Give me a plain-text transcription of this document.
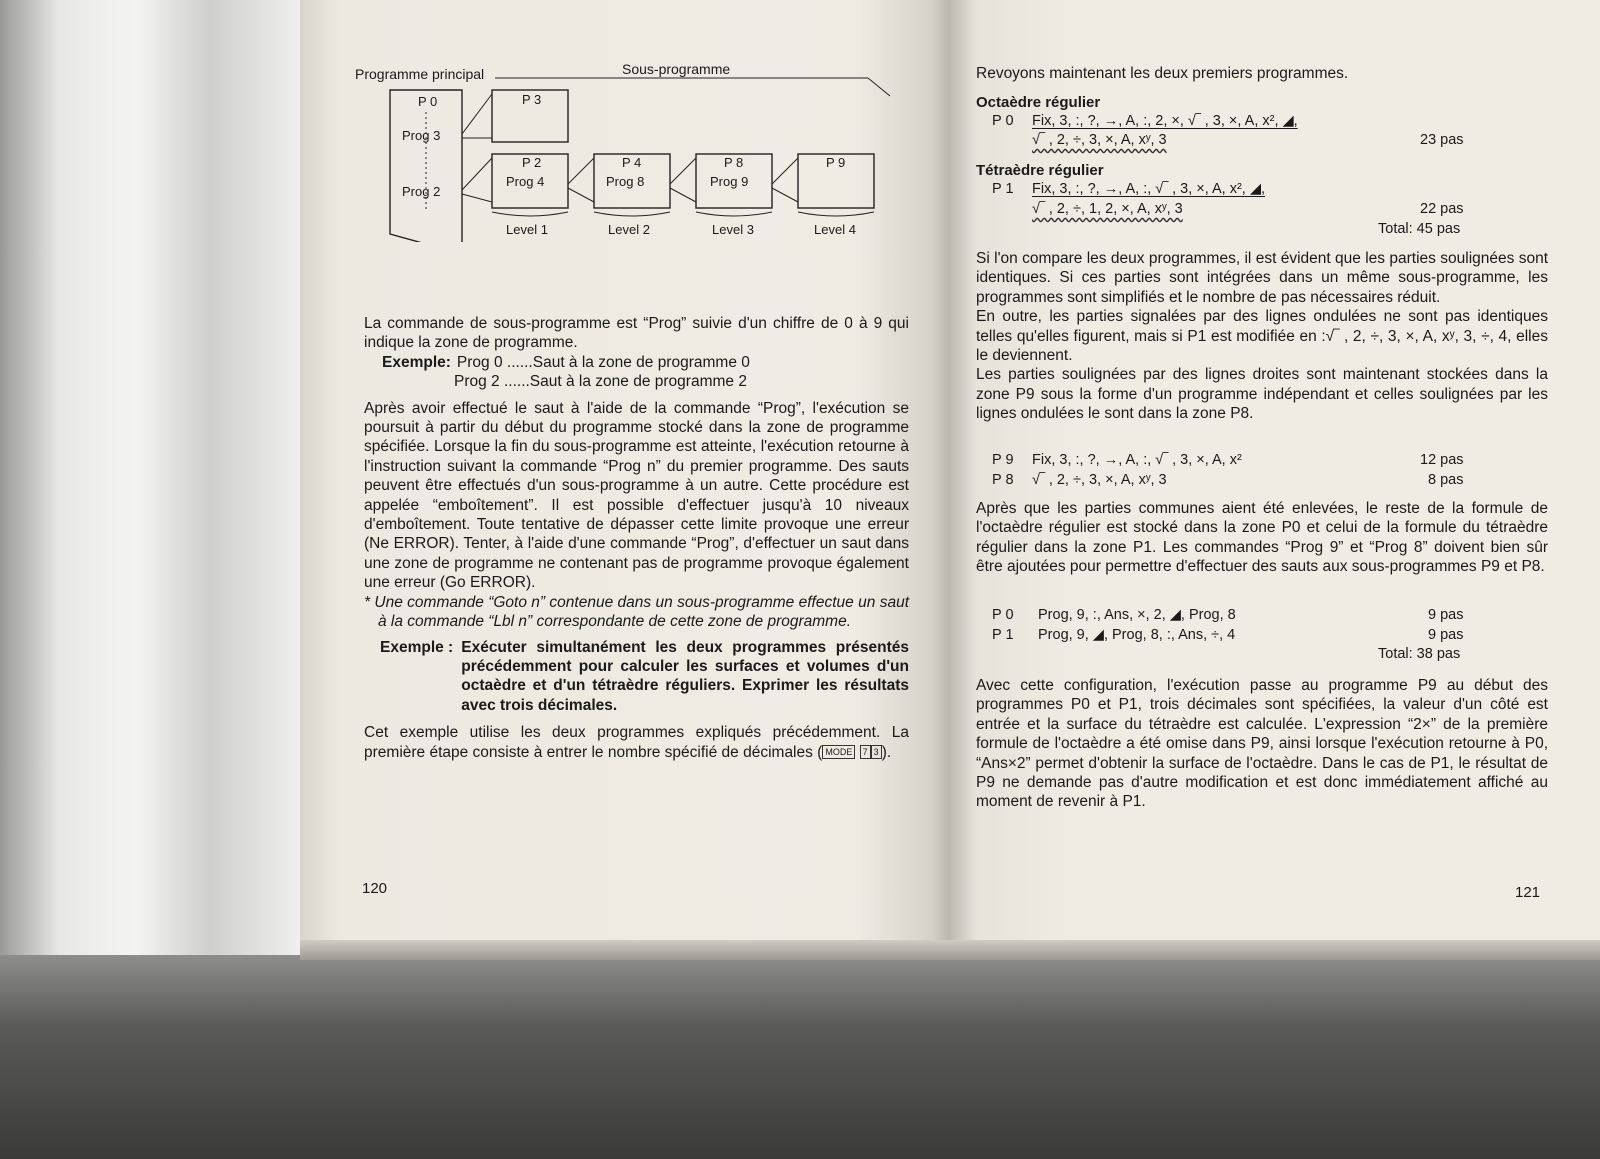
Programme principal	Sous-programme
P 0
Prog 3
Prog 2
P 3
P 2
Prog 4
P 4
Prog 8
P 8
Prog 9
P 9
Level 1	Level 2	Level 3	Level 4

La commande de sous-programme est “Prog” suivie d'un chiffre de 0 à 9 qui indique la zone de programme.

Exemple: Prog 0 ......Saut à la zone de programme 0
Prog 2 ......Saut à la zone de programme 2

Après avoir effectué le saut à l'aide de la commande “Prog”, l'exécution se poursuit à partir du début du programme stocké dans la zone de programme spécifiée. Lorsque la fin du sous-programme est atteinte, l'exécution retourne à l'instruction suivant la commande “Prog n” du premier programme. Des sauts peuvent être effectués d'un sous-programme à un autre. Cette procédure est appelée “emboîtement”. Il est possible d'effectuer jusqu'à 10 niveaux d'emboîtement. Toute tentative de dépasser cette limite provoque une erreur (Ne ERROR). Tenter, à l'aide d'une commande “Prog”, d'effectuer un saut dans une zone de programme ne contenant pas de programme provoque également une erreur (Go ERROR).

* Une commande “Goto n” contenue dans un sous-programme effectue un saut à la commande “Lbl n” correspondante de cette zone de programme.

Exemple : Exécuter simultanément les deux programmes présentés précédemment pour calculer les surfaces et volumes d'un octaèdre et d'un tétraèdre réguliers. Exprimer les résultats avec trois décimales.

Cet exemple utilise les deux programmes expliqués précédemment. La première étape consiste à entrer le nombre spécifié de décimales ( MODE 7 3 ).

120
Revoyons maintenant les deux premiers programmes.
Octaèdre régulier
P 0 Fix, 3, :, ?, →, A, :, 2, ×, √‾ , 3, ×, A, x², ◢,
√‾ , 2, ÷, 3, ×, A, xʸ, 3	23 pas
Tétraèdre régulier
P 1 Fix, 3, :, ?, →, A, :, √‾ , 3, ×, A, x², ◢,
√‾ , 2, ÷, 1, 2, ×, A, xʸ, 3	22 pas
Total: 45 pas

Si l'on compare les deux programmes, il est évident que les parties soulignées sont identiques. Si ces parties sont intégrées dans un même sous-programme, les programmes sont simplifiés et le nombre de pas nécessaires réduit.

En outre, les parties signalées par des lignes ondulées ne sont pas identiques telles qu'elles figurent, mais si P1 est modifiée en :√‾ , 2, ÷, 3, ×, A, xʸ, 3, ÷, 4, elles le deviennent.

Les parties soulignées par des lignes droites sont maintenant stockées dans la zone P9 sous la forme d'un programme indépendant et celles soulignées par les lignes ondulées le sont dans la zone P8.

P 9 Fix, 3, :, ?, →, A, :, √‾ , 3, ×, A, x²	12 pas
P 8 √‾ , 2, ÷, 3, ×, A, xʸ, 3	8 pas

Après que les parties communes aient été enlevées, le reste de la formule de l'octaèdre régulier est stocké dans la zone P0 et celui de la formule du tétraèdre régulier dans la zone P1. Les commandes “Prog 9” et “Prog 8” doivent bien sûr être ajoutées pour permettre d'effectuer des sauts aux sous-programmes P9 et P8.

P 0 Prog, 9, :, Ans, ×, 2, ◢, Prog, 8	9 pas
P 1 Prog, 9, ◢, Prog, 8, :, Ans, ÷, 4	9 pas
Total: 38 pas

Avec cette configuration, l'exécution passe au programme P9 au début des programmes P0 et P1, trois décimales sont spécifiées, la valeur d'un côté est entrée et la surface du tétraèdre est calculée. L'expression “2×” de la première formule de l'octaèdre a été omise dans P9, ainsi lorsque l'exécution retourne à P0, “Ans×2” permet d'obtenir la surface de l'octaèdre. Dans le cas de P1, le résultat de P9 ne demande pas d'autre modification et est donc immédiatement affiché au moment de revenir à P1.

121
